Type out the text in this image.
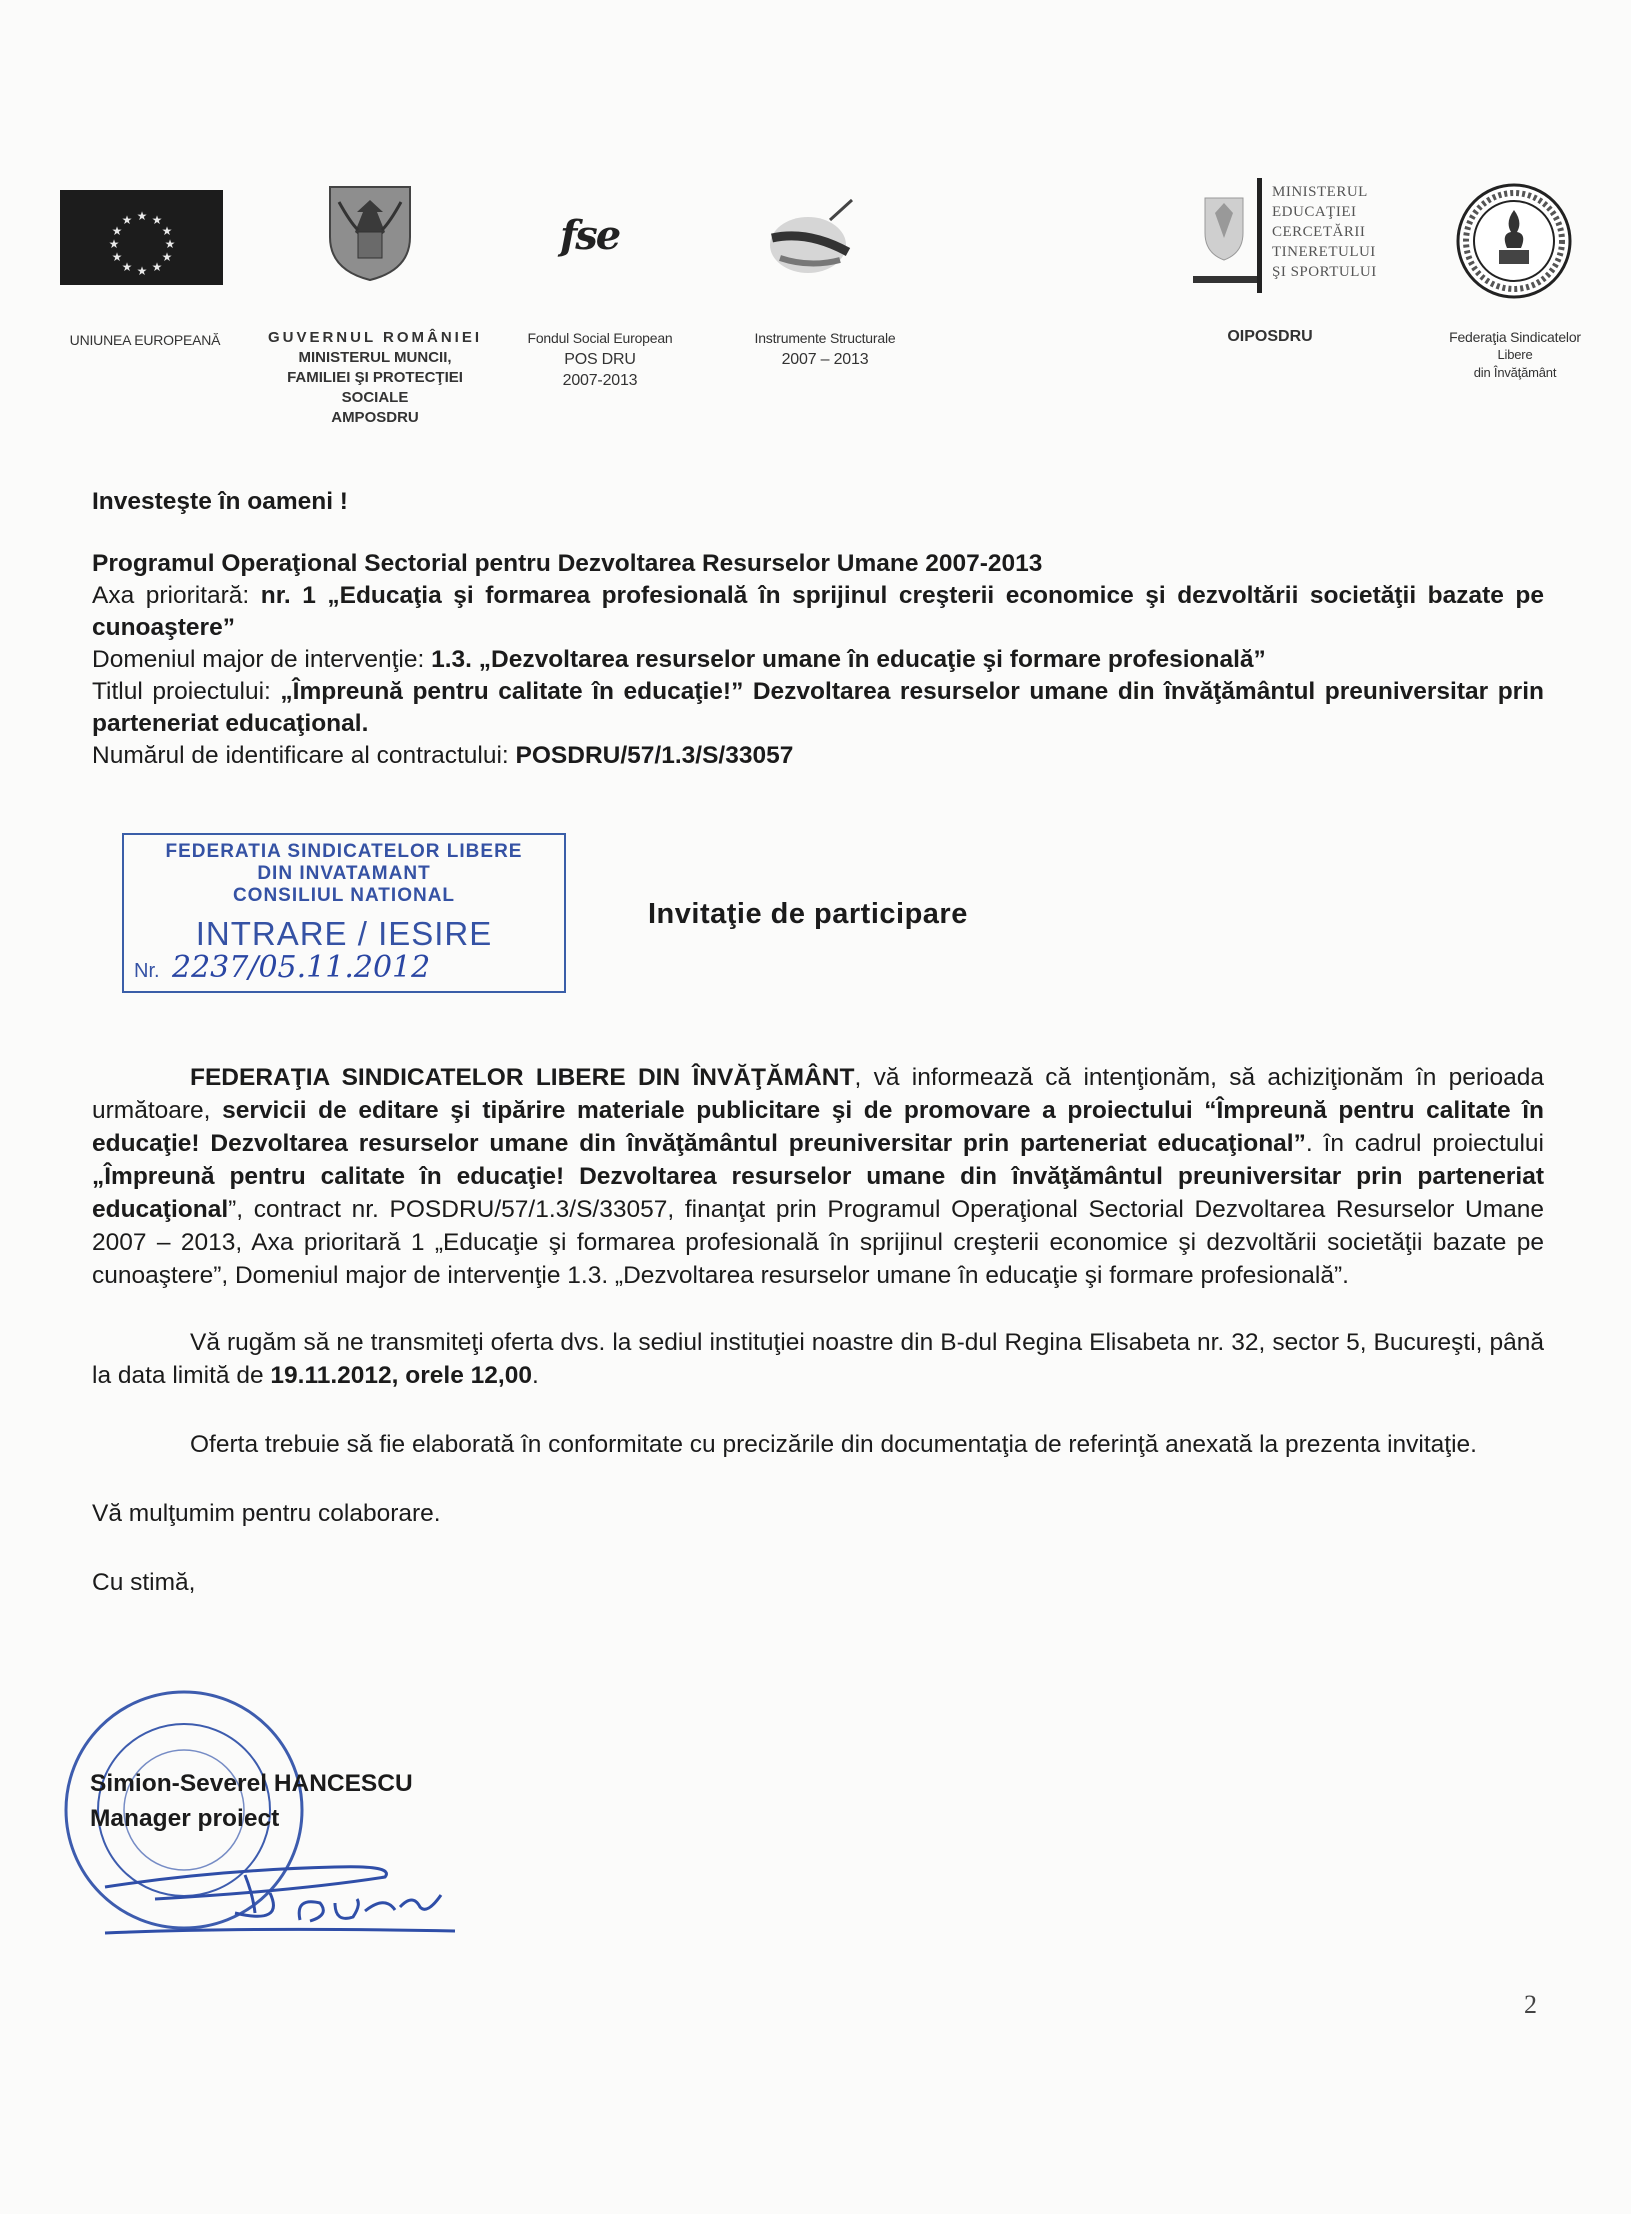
★ ★
★
★
★
★
★
★
★
★
★
★
UNIUNEA EUROPEANĂ	GUVERNUL ROMÂNIEI
MINISTERUL MUNCII,
FAMILIEI ŞI PROTECŢIEI
SOCIALE
AMPOSDRU
fse
Fondul Social European
POS DRU
2007-2013
Instrumente Structurale
2007 – 2013
MINISTERUL
EDUCAŢIEI
CERCETĂRII
TINERETULUI
ŞI SPORTULUI
OIPOSDRU	Federaţia Sindicatelor
Libere
din Învăţământ
Investeşte în oameni !
Programul Operaţional Sectorial pentru Dezvoltarea Resurselor Umane 2007-2013

Axa prioritară: nr. 1 „Educaţia şi formarea profesională în sprijinul creşterii economice şi dezvoltării societăţii bazate pe cunoaştere”

Domeniul major de intervenţie: 1.3. „Dezvoltarea resurselor umane în educaţie şi formare profesională”

Titlul proiectului: „Împreună pentru calitate în educaţie!” Dezvoltarea resurselor umane din învăţământul preuniversitar prin parteneriat educaţional.

Numărul de identificare al contractului: POSDRU/57/1.3/S/33057
FEDERATIA SINDICATELOR LIBERE
DIN INVATAMANT
CONSILIUL NATIONAL
INTRARE / IESIRE
Nr. 2237/05.11.2012
Invitaţie de participare

FEDERAŢIA SINDICATELOR LIBERE DIN ÎNVĂŢĂMÂNT, vă informează că intenţionăm, să achiziţionăm în perioada următoare, servicii de editare şi tipărire materiale publicitare şi de promovare a proiectului “Împreună pentru calitate în educaţie! Dezvoltarea resurselor umane din învăţământul preuniversitar prin parteneriat educaţional”. în cadrul proiectului „Împreună pentru calitate în educaţie! Dezvoltarea resurselor umane din învăţământul preuniversitar prin parteneriat educaţional”, contract nr. POSDRU/57/1.3/S/33057, finanţat prin Programul Operaţional Sectorial Dezvoltarea Resurselor Umane 2007 – 2013, Axa prioritară 1 „Educaţie şi formarea profesională în sprijinul creşterii economice şi dezvoltării societăţii bazate pe cunoaştere”, Domeniul major de intervenţie 1.3. „Dezvoltarea resurselor umane în educaţie şi formare profesională”.

Vă rugăm să ne transmiteţi oferta dvs. la sediul instituţiei noastre din B-dul Regina Elisabeta nr. 32, sector 5, Bucureşti, până la data limită de 19.11.2012, orele 12,00.

Oferta trebuie să fie elaborată în conformitate cu precizările din documentaţia de referinţă anexată la prezenta invitaţie.

Vă mulţumim pentru colaborare.

Cu stimă,

Simion-Severel HANCESCU
Manager proiect
2
